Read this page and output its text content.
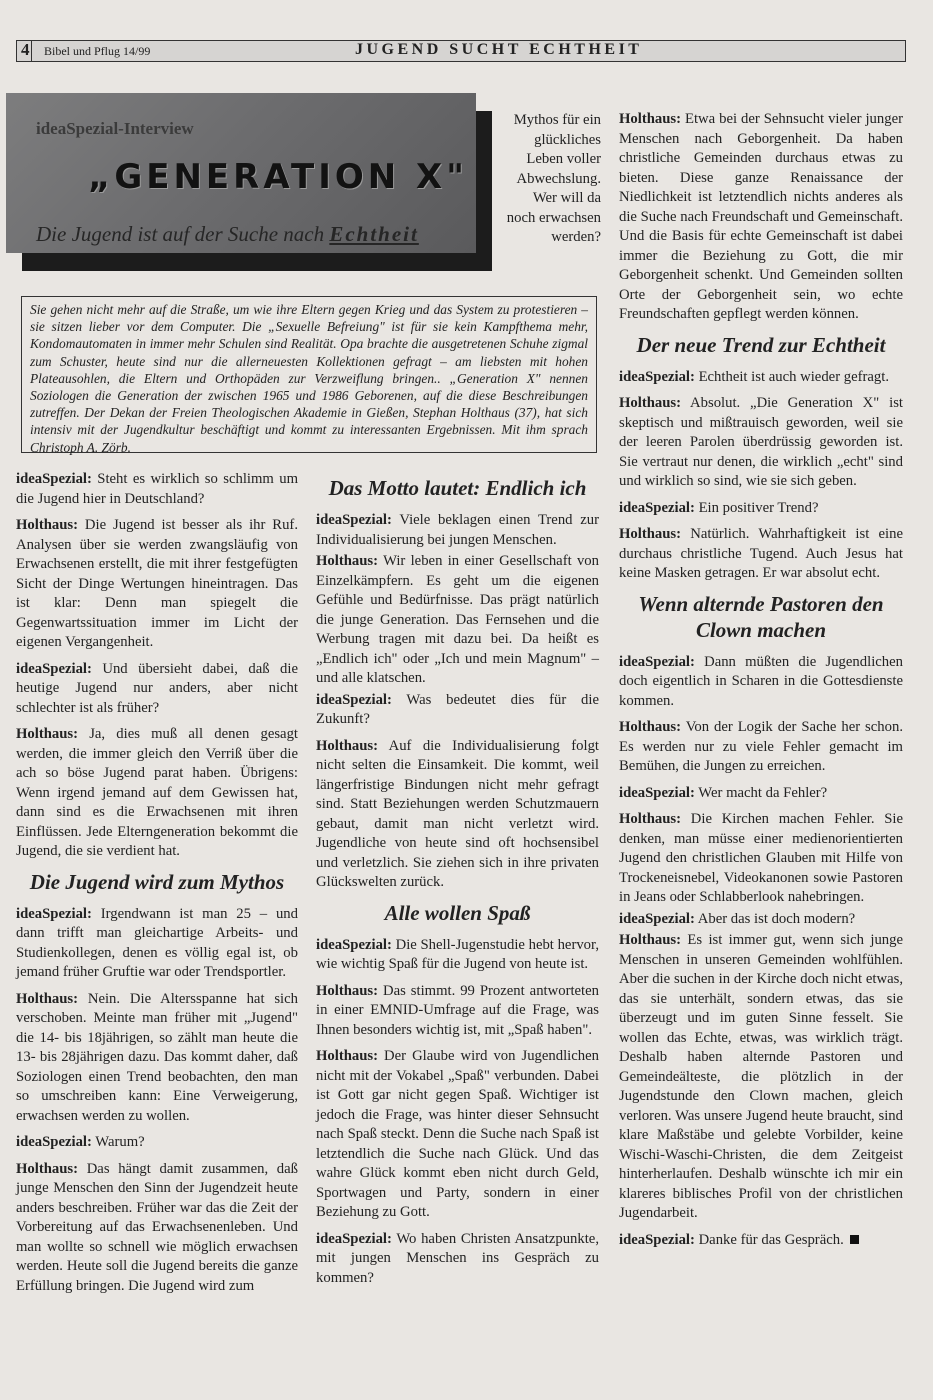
4 Bibel und Pflug 14/99	JUGEND SUCHT ECHTHEIT
ideaSpezial-Interview
„GENERATION X"
Die Jugend ist auf der Suche nach Echtheit
Mythos für ein glückliches Leben voller Abwechslung. Wer will da noch erwachsen werden?
Sie gehen nicht mehr auf die Straße, um wie ihre Eltern gegen Krieg und das System zu protestieren – sie sitzen lieber vor dem Computer. Die „Sexuelle Befreiung" ist für sie kein Kampfthema mehr, Kondomautomaten in immer mehr Schulen sind Realität. Opa brachte die ausgetretenen Schuhe zigmal zum Schuster, heute sind nur die allerneuesten Kollektionen gefragt – am liebsten mit hohen Plateausohlen, die Eltern und Orthopäden zur Verzweiflung bringen.. „Generation X" nennen Soziologen die Generation der zwischen 1965 und 1986 Geborenen, auf die diese Beschreibungen zutreffen. Der Dekan der Freien Theologischen Akademie in Gießen, Stephan Holthaus (37), hat sich intensiv mit der Jugendkultur beschäftigt und kommt zu interessanten Ergebnissen. Mit ihm sprach Christoph A. Zörb.

ideaSpezial: Steht es wirklich so schlimm um die Jugend hier in Deutschland?

Holthaus: Die Jugend ist besser als ihr Ruf. Analysen über sie werden zwangsläufig von Erwachsenen erstellt, die mit ihrer festgefügten Sicht der Dinge Wertungen hineintragen. Das ist klar: Denn man spiegelt die Gegenwartssituation immer im Licht der eigenen Vergangenheit.

ideaSpezial: Und übersieht dabei, daß die heutige Jugend nur anders, aber nicht schlechter ist als früher?

Holthaus: Ja, dies muß all denen gesagt werden, die immer gleich den Verriß über die ach so böse Jugend parat haben. Übrigens: Wenn irgend jemand auf dem Gewissen hat, dann sind es die Erwachsenen mit ihren Einflüssen. Jede Elterngeneration bekommt die Jugend, die sie verdient hat.

Die Jugend wird zum Mythos

ideaSpezial: Irgendwann ist man 25 – und dann trifft man gleichartige Arbeits- und Studienkollegen, denen es völlig egal ist, ob jemand früher Gruftie war oder Trendsportler.

Holthaus: Nein. Die Altersspanne hat sich verschoben. Meinte man früher mit „Jugend" die 14- bis 18jährigen, so zählt man heute die 13- bis 28jährigen dazu. Das kommt daher, daß Soziologen einen Trend beobachten, den man so umschreiben kann: Eine Verweigerung, erwachsen werden zu wollen.

ideaSpezial: Warum?

Holthaus: Das hängt damit zusammen, daß junge Menschen den Sinn der Jugendzeit heute anders beschreiben. Früher war das die Zeit der Vorbereitung auf das Erwachsenenleben. Und man wollte so schnell wie möglich erwachsen werden. Heute soll die Jugend bereits die ganze Erfüllung bringen. Die Jugend wird zum

Das Motto lautet: Endlich ich

ideaSpezial: Viele beklagen einen Trend zur Individualisierung bei jungen Menschen.

Holthaus: Wir leben in einer Gesellschaft von Einzelkämpfern. Es geht um die eigenen Gefühle und Bedürfnisse. Das prägt natürlich die junge Generation. Das Fernsehen und die Werbung tragen mit dazu bei. Da heißt es „Endlich ich" oder „Ich und mein Magnum" – und alle klatschen.

ideaSpezial: Was bedeutet dies für die Zukunft?

Holthaus: Auf die Individualisierung folgt nicht selten die Einsamkeit. Die kommt, weil längerfristige Bindungen nicht mehr gefragt sind. Statt Beziehungen werden Schutzmauern gebaut, damit man nicht verletzt wird. Jugendliche von heute sind oft hochsensibel und verletzlich. Sie ziehen sich in ihre privaten Glückswelten zurück.

Alle wollen Spaß

ideaSpezial: Die Shell-Jugenstudie hebt hervor, wie wichtig Spaß für die Jugend von heute ist.

Holthaus: Das stimmt. 99 Prozent antworteten in einer EMNID-Umfrage auf die Frage, was Ihnen besonders wichtig ist, mit „Spaß haben".

Holthaus: Der Glaube wird von Jugendlichen nicht mit der Vokabel „Spaß" verbunden. Dabei ist Gott gar nicht gegen Spaß. Wichtiger ist jedoch die Frage, was hinter dieser Sehnsucht nach Spaß steckt. Denn die Suche nach Spaß ist letztendlich die Suche nach Glück. Und das wahre Glück kommt eben nicht durch Geld, Sportwagen und Party, sondern in einer Beziehung zu Gott.

ideaSpezial: Wo haben Christen Ansatzpunkte, mit jungen Menschen ins Gespräch zu kommen?

Holthaus: Etwa bei der Sehnsucht vieler junger Menschen nach Geborgenheit. Da haben christliche Gemeinden durchaus etwas zu bieten. Diese ganze Renaissance der Niedlichkeit ist letztendlich nichts anderes als die Suche nach Freundschaft und Gemeinschaft. Und die Basis für echte Gemeinschaft ist dabei immer die Beziehung zu Gott, die mir Geborgenheit schenkt. Und Gemeinden sollten Orte der Geborgenheit sein, wo echte Freundschaften gepflegt werden können.

Der neue Trend zur Echtheit

ideaSpezial: Echtheit ist auch wieder gefragt.

Holthaus: Absolut. „Die Generation X" ist skeptisch und mißtrauisch geworden, weil sie der leeren Parolen überdrüssig geworden ist. Sie vertraut nur denen, die wirklich „echt" sind und wirklich so sind, wie sie sich geben.

ideaSpezial: Ein positiver Trend?

Holthaus: Natürlich. Wahrhaftigkeit ist eine durchaus christliche Tugend. Auch Jesus hat keine Masken getragen. Er war absolut echt.

Wenn alternde Pastoren den Clown machen

ideaSpezial: Dann müßten die Jugendlichen doch eigentlich in Scharen in die Gottesdienste kommen.

Holthaus: Von der Logik der Sache her schon. Es werden nur zu viele Fehler gemacht im Bemühen, die Jungen zu erreichen.

ideaSpezial: Wer macht da Fehler?

Holthaus: Die Kirchen machen Fehler. Sie denken, man müsse einer medienorientierten Jugend den christlichen Glauben mit Hilfe von Trockeneisnebel, Videokanonen sowie Pastoren in Jeans oder Schlabberlook nahebringen.

ideaSpezial: Aber das ist doch modern?

Holthaus: Es ist immer gut, wenn sich junge Menschen in unseren Gemeinden wohlfühlen. Aber die suchen in der Kirche doch nicht etwas, das sie unterhält, sondern etwas, das sie überzeugt und im guten Sinne fesselt. Sie wollen das Echte, etwas, was wirklich trägt. Deshalb haben alternde Pastoren und Gemeindeälteste, die plötzlich in der Jugendstunde den Clown machen, gleich verloren. Was unsere Jugend heute braucht, sind klare Maßstäbe und gelebte Vorbilder, keine Wischi-Waschi-Christen, die dem Zeitgeist hinterherlaufen. Deshalb wünschte ich mir ein klareres biblisches Profil von der christlichen Jugendarbeit.

ideaSpezial: Danke für das Gespräch.
